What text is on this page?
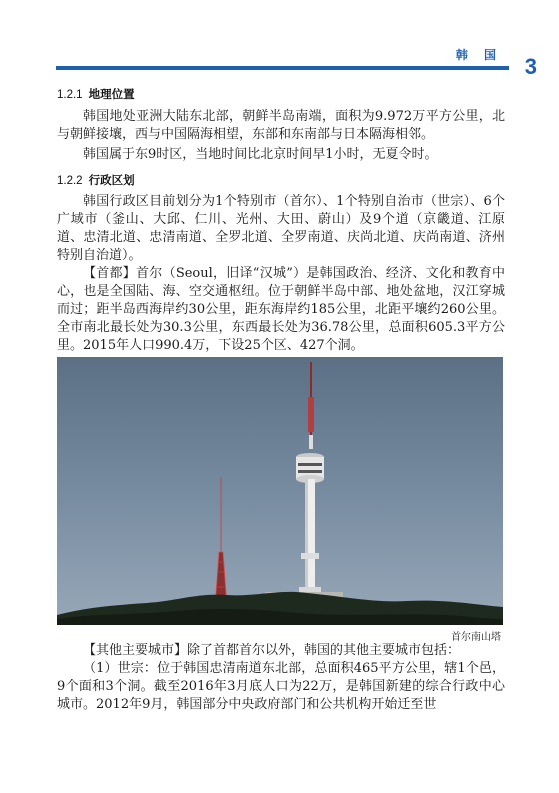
韩 国 3
1.2.1 地理位置

韩国地处亚洲大陆东北部，朝鲜半岛南端，面积为9.972万平方公里，北与朝鲜接壤，西与中国隔海相望，东部和东南部与日本隔海相邻。

韩国属于东9时区，当地时间比北京时间早1小时，无夏令时。

1.2.2 行政区划

韩国行政区目前划分为1个特别市（首尔）、1个特别自治市（世宗）、6个广域市（釜山、大邱、仁川、光州、大田、蔚山）及9个道（京畿道、江原道、忠清北道、忠清南道、全罗北道、全罗南道、庆尚北道、庆尚南道、济州特别自治道）。

【首都】首尔（Seoul，旧译“汉城”）是韩国政治、经济、文化和教育中心，也是全国陆、海、空交通枢纽。位于朝鲜半岛中部、地处盆地，汉江穿城而过；距半岛西海岸约30公里，距东海岸约185公里，北距平壤约260公里。全市南北最长处为30.3公里，东西最长处为36.78公里，总面积605.3平方公里。2015年人口990.4万，下设25个区、427个洞。

首尔南山塔

【其他主要城市】除了首都首尔以外，韩国的其他主要城市包括：

（1）世宗：位于韩国忠清南道东北部，总面积465平方公里，辖1个邑，9个面和3个洞。截至2016年3月底人口为22万，是韩国新建的综合行政中心城市。2012年9月，韩国部分中央政府部门和公共机构开始迁至世
